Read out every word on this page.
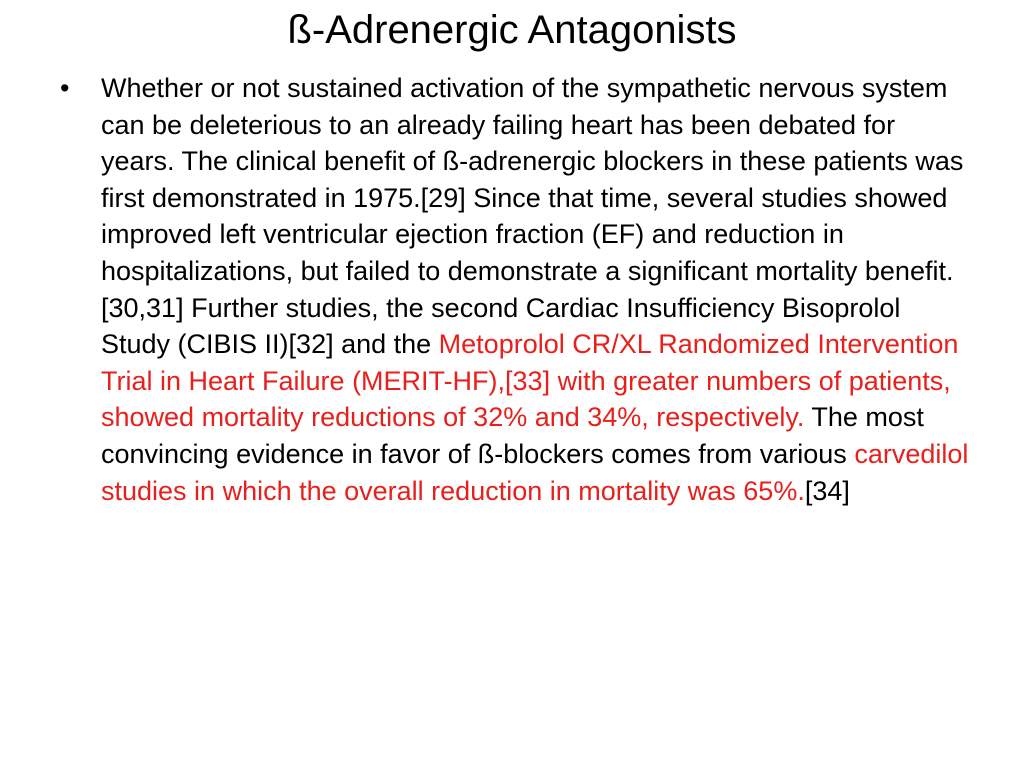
ß-Adrenergic Antagonists
• Whether or not sustained activation of the sympathetic nervous system can be deleterious to an already failing heart has been debated for years. The clinical benefit of ß-adrenergic blockers in these patients was first demonstrated in 1975.[29] Since that time, several studies showed improved left ventricular ejection fraction (EF) and reduction in hospitalizations, but failed to demonstrate a significant mortality benefit.[30,31] Further studies, the second Cardiac Insufficiency Bisoprolol Study (CIBIS II)[32] and the Metoprolol CR/XL Randomized Intervention Trial in Heart Failure (MERIT-HF),[33] with greater numbers of patients, showed mortality reductions of 32% and 34%, respectively. The most convincing evidence in favor of ß-blockers comes from various carvedilol studies in which the overall reduction in mortality was 65%.[34]
